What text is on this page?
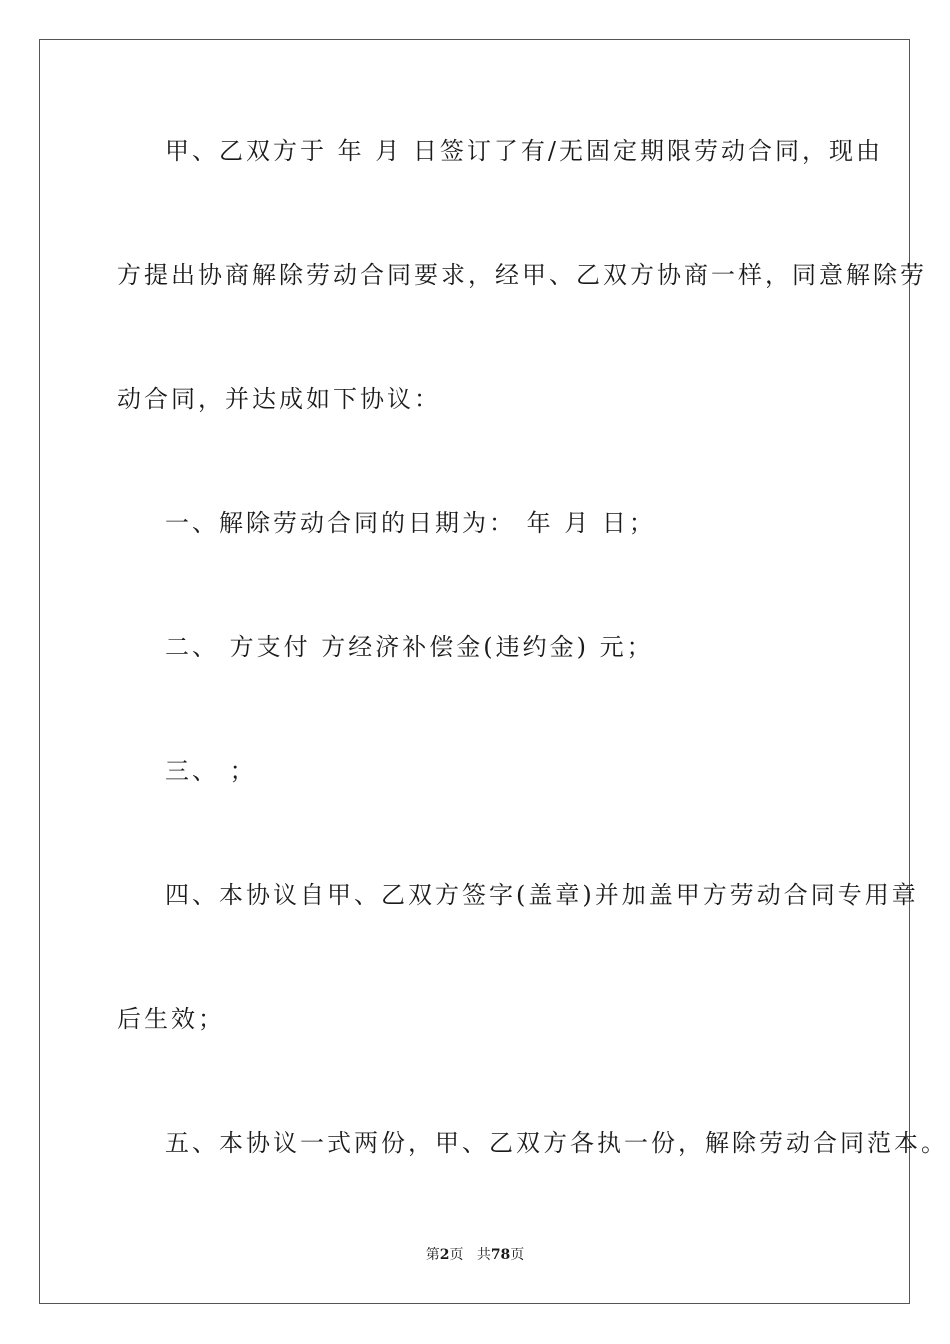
甲、乙双方于 年 月 日签订了有/无固定期限劳动合同，现由
方提出协商解除劳动合同要求，经甲、乙双方协商一样，同意解除劳
动合同，并达成如下协议：
一、解除劳动合同的日期为： 年 月 日；
二、 方支付 方经济补偿金(违约金) 元；
三、 ；
四、本协议自甲、乙双方签字(盖章)并加盖甲方劳动合同专用章
后生效；
五、本协议一式两份，甲、乙双方各执一份，解除劳动合同范本。
第2页 共78页
